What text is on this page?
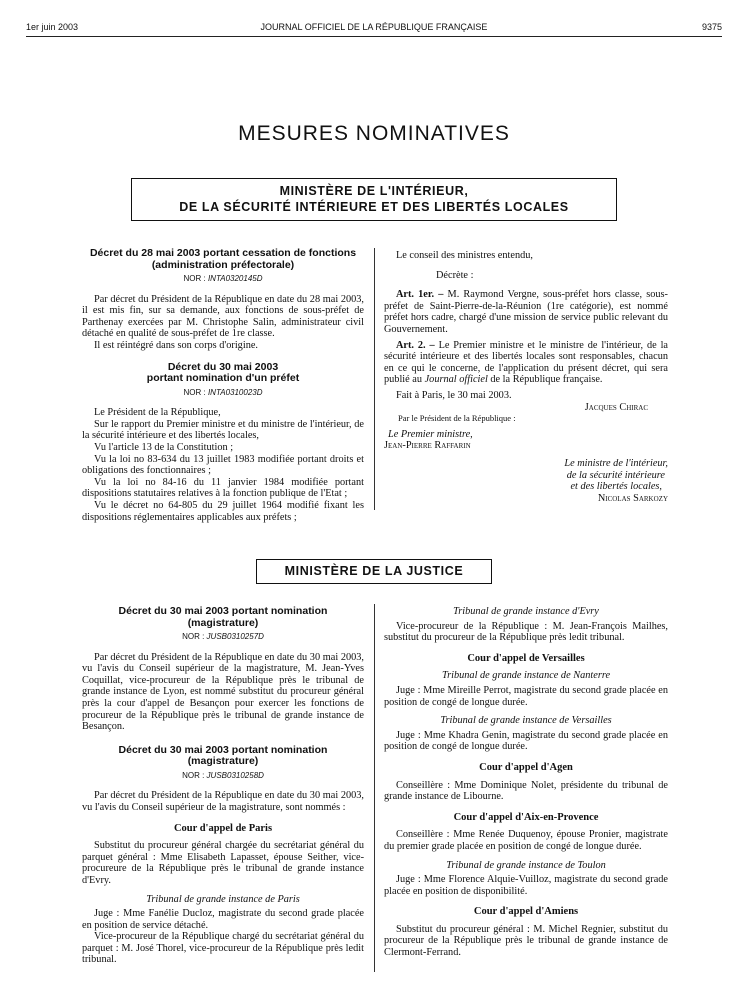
1er juin 2003	JOURNAL OFFICIEL DE LA RÉPUBLIQUE FRANÇAISE	9375
MESURES NOMINATIVES
MINISTÈRE DE L'INTÉRIEUR,
DE LA SÉCURITÉ INTÉRIEURE ET DES LIBERTÉS LOCALES

Décret du 28 mai 2003 portant cessation de fonctions (administration préfectorale)

NOR : INTA0320145D

Par décret du Président de la République en date du 28 mai 2003, il est mis fin, sur sa demande, aux fonctions de sous-préfet de Parthenay exercées par M. Christophe Salin, administrateur civil détaché en qualité de sous-préfet de 1re classe.

Il est réintégré dans son corps d'origine.

Décret du 30 mai 2003

portant nomination d'un préfet

NOR : INTA0310023D

Le Président de la République,

Sur le rapport du Premier ministre et du ministre de l'intérieur, de la sécurité intérieure et des libertés locales,

Vu l'article 13 de la Constitution ;

Vu la loi no 83-634 du 13 juillet 1983 modifiée portant droits et obligations des fonctionnaires ;

Vu la loi no 84-16 du 11 janvier 1984 modifiée portant dispositions statutaires relatives à la fonction publique de l'Etat ;

Vu le décret no 64-805 du 29 juillet 1964 modifié fixant les dispositions réglementaires applicables aux préfets ;

Le conseil des ministres entendu,

Décrète :

Art. 1er. – M. Raymond Vergne, sous-préfet hors classe, sous-préfet de Saint-Pierre-de-la-Réunion (1re catégorie), est nommé préfet hors cadre, chargé d'une mission de service public relevant du Gouvernement.

Art. 2. – Le Premier ministre et le ministre de l'intérieur, de la sécurité intérieure et des libertés locales sont responsables, chacun en ce qui le concerne, de l'application du présent décret, qui sera publié au Journal officiel de la République française.

Fait à Paris, le 30 mai 2003.

Jacques Chirac
Par le Président de la République :
Le Premier ministre,
Jean-Pierre Raffarin
Le ministre de l'intérieur,
de la sécurité intérieure
et des libertés locales,
Nicolas Sarkozy
MINISTÈRE DE LA JUSTICE

Décret du 30 mai 2003 portant nomination

(magistrature)

NOR : JUSB0310257D

Par décret du Président de la République en date du 30 mai 2003, vu l'avis du Conseil supérieur de la magistrature, M. Jean-Yves Coquillat, vice-procureur de la République près le tribunal de grande instance de Lyon, est nommé substitut du procureur général près la cour d'appel de Besançon pour exercer les fonctions de procureur de la République près le tribunal de grande instance de Besançon.

Décret du 30 mai 2003 portant nomination

(magistrature)

NOR : JUSB0310258D

Par décret du Président de la République en date du 30 mai 2003, vu l'avis du Conseil supérieur de la magistrature, sont nommés :

Cour d'appel de Paris

Substitut du procureur général chargée du secrétariat général du parquet général : Mme Elisabeth Lapasset, épouse Seither, vice-procureure de la République près le tribunal de grande instance d'Evry.

Tribunal de grande instance de Paris

Juge : Mme Fanélie Ducloz, magistrate du second grade placée en position de service détaché.

Vice-procureur de la République chargé du secrétariat général du parquet : M. José Thorel, vice-procureur de la République près ledit tribunal.

Tribunal de grande instance d'Evry

Vice-procureur de la République : M. Jean-François Mailhes, substitut du procureur de la République près ledit tribunal.

Cour d'appel de Versailles
Tribunal de grande instance de Nanterre

Juge : Mme Mireille Perrot, magistrate du second grade placée en position de congé de longue durée.

Tribunal de grande instance de Versailles

Juge : Mme Khadra Genin, magistrate du second grade placée en position de congé de longue durée.

Cour d'appel d'Agen

Conseillère : Mme Dominique Nolet, présidente du tribunal de grande instance de Libourne.

Cour d'appel d'Aix-en-Provence

Conseillère : Mme Renée Duquenoy, épouse Pronier, magistrate du premier grade placée en position de congé de longue durée.

Tribunal de grande instance de Toulon

Juge : Mme Florence Alquie-Vuilloz, magistrate du second grade placée en position de disponibilité.

Cour d'appel d'Amiens

Substitut du procureur général : M. Michel Regnier, substitut du procureur de la République près le tribunal de grande instance de Clermont-Ferrand.
